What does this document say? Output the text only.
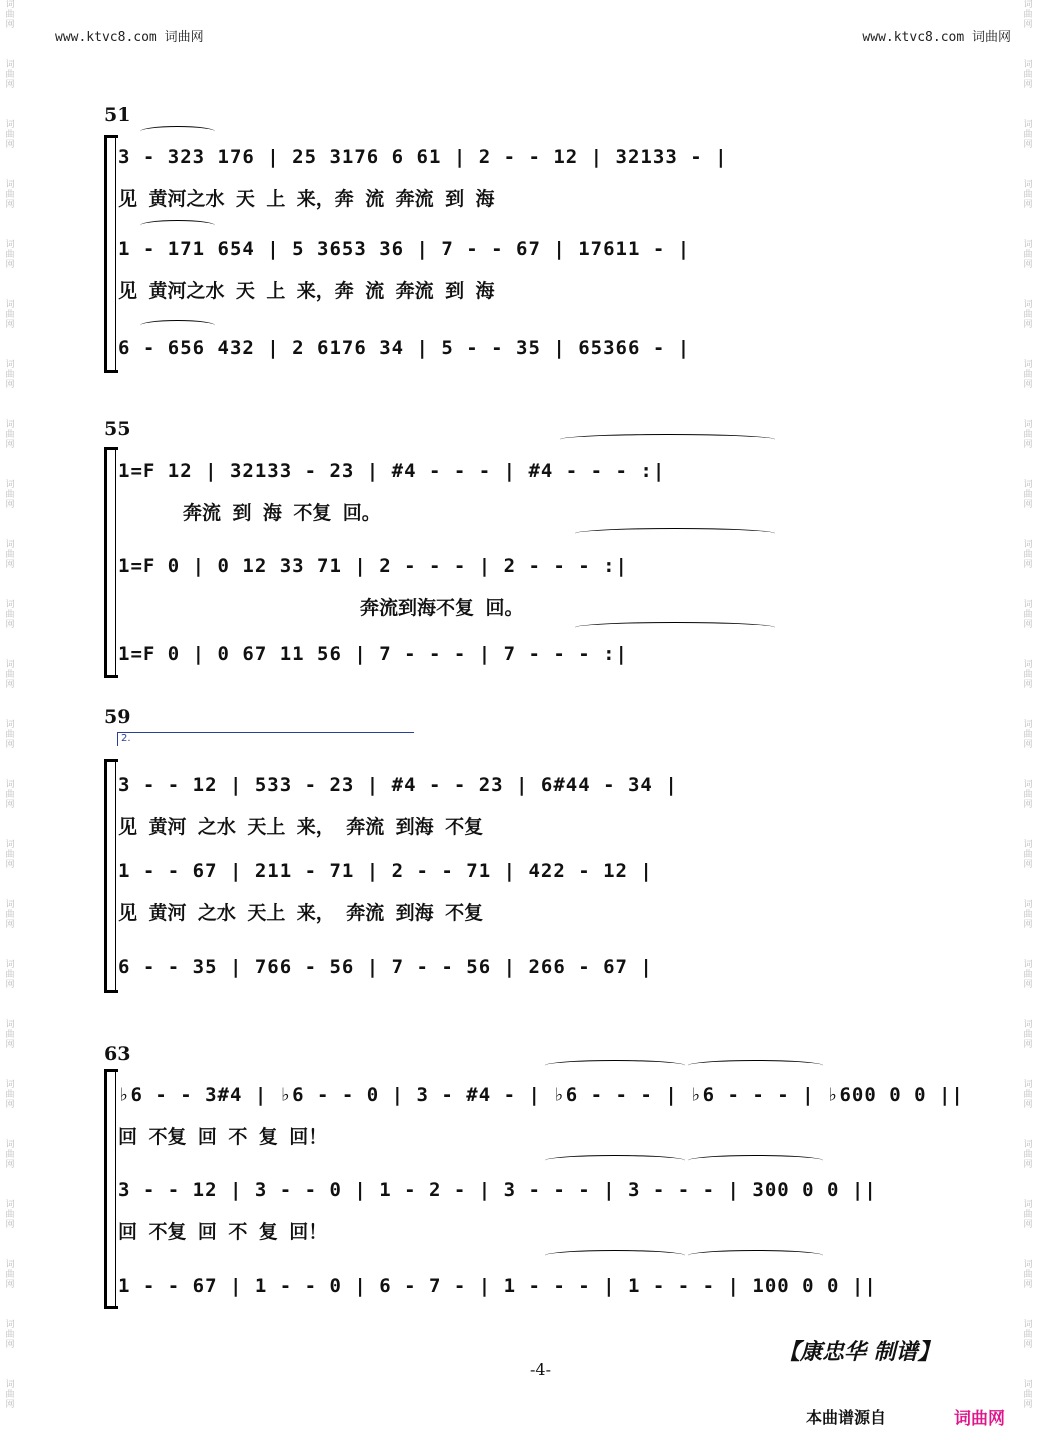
www.ktvc8.com 词曲网	www.ktvc8.com 词曲网
词曲网
词曲网
词曲网
词曲网
词曲网
词曲网
词曲网
词曲网
词曲网
词曲网
词曲网
词曲网
词曲网
词曲网
词曲网
词曲网
词曲网
词曲网
词曲网
词曲网
词曲网
词曲网
词曲网
词曲网
词曲网
词曲网
词曲网
词曲网
词曲网
词曲网
词曲网
词曲网
词曲网
词曲网
词曲网
词曲网
词曲网
词曲网
词曲网
词曲网
词曲网
词曲网
词曲网
词曲网
词曲网
词曲网
词曲网
词曲网
51
3 - 323 176 | 25 3176 6 61 | 2 - - 12 | 32133 - |
见 黄河之水 天 上 来，奔 流 奔流 到 海
1 - 171 654 | 5 3653 36 | 7 - - 67 | 17611 - |
见 黄河之水 天 上 来，奔 流 奔流 到 海
6 - 656 432 | 2 6176 34 | 5 - - 35 | 65366 - |
55
1=F 12 | 32133 - 23 | #4 - - - | #4 - - - :|
奔流 到 海 不复 回。
1=F 0 | 0 12 33 71 | 2 - - - | 2 - - - :|
奔流到海不复 回。
1=F 0 | 0 67 11 56 | 7 - - - | 7 - - - :|
59
2.
3 - - 12 | 533 - 23 | #4 - - 23 | 6#44 - 34 |
见 黄河 之水 天上 来， 奔流 到海 不复
1 - - 67 | 211 - 71 | 2 - - 71 | 422 - 12 |
见 黄河 之水 天上 来， 奔流 到海 不复
6 - - 35 | 766 - 56 | 7 - - 56 | 266 - 67 |
63
♭6 - - 3#4 | ♭6 - - 0 | 3 - #4 - | ♭6 - - - | ♭6 - - - | ♭600 0 0 ||
回 不复 回 不 复 回！
3 - - 12 | 3 - - 0 | 1 - 2 - | 3 - - - | 3 - - - | 300 0 0 ||
回 不复 回 不 复 回！
1 - - 67 | 1 - - 0 | 6 - 7 - | 1 - - - | 1 - - - | 100 0 0 ||
【康忠华 制谱】
-4-
本曲谱源自	词曲网
